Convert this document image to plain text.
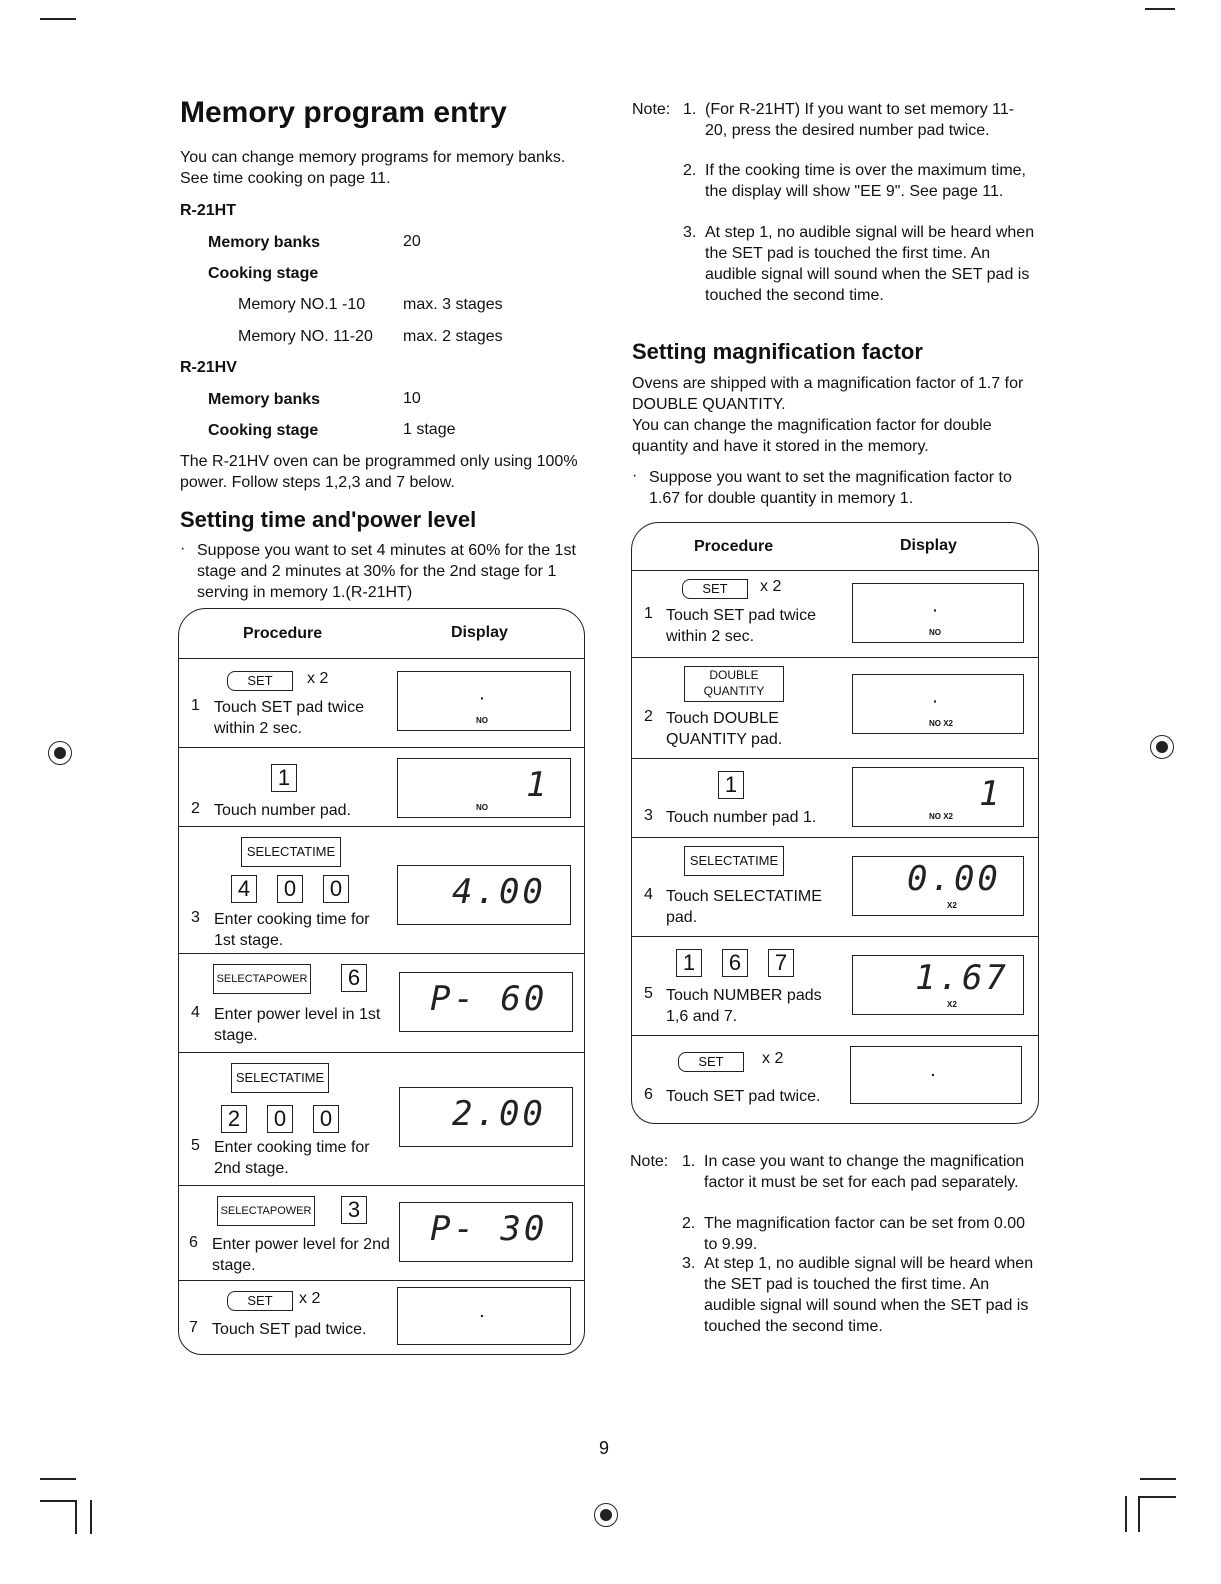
Memory program entry
You can change memory programs for memory banks. See time cooking on page 11.
R-21HT
Memory banks	20
Cooking stage
Memory NO.1 -10 max. 3 stages
Memory NO. 11-20 max. 2 stages
R-21HV
Memory banks	10
Cooking stage	1 stage
The R-21HV oven can be programmed only using 100% power. Follow steps 1,2,3 and 7 below.
Setting time and'power level
· Suppose you want to set 4 minutes at 60% for the 1st stage and 2 minutes at 30% for the 2nd stage for 1 serving in memory 1.(R-21HT)
Procedure	Display
SET	x 2
1 Touch SET pad twice within 2 sec.
·
NO
1
2 Touch number pad.
1
NO
SELECTATIME
4	0	0
3 Enter cooking time for 1st stage.
4.00
SELECTAPOWER	6
4 Enter power level in 1st stage.
P- 60
SELECTATIME
2	0	0
5 Enter cooking time for 2nd stage.
2.00
SELECTAPOWER	3
6 Enter power level for 2nd stage.
P- 30
SET	x 2
7 Touch SET pad twice.
.
Note: 1. (For R-21HT) If you want to set memory 11-20, press the desired number pad twice.
2. If the cooking time is over the maximum time, the display will show "EE 9". See page 11.
3. At step 1, no audible signal will be heard when the SET pad is touched the first time. An audible signal will sound when the SET pad is touched the second time.
Setting magnification factor
Ovens are shipped with a magnification factor of 1.7 for DOUBLE QUANTITY.
You can change the magnification factor for double quantity and have it stored in the memory.
· Suppose you want to set the magnification factor to 1.67 for double quantity in memory 1.
Procedure	Display
SET	x 2
1 Touch SET pad twice within 2 sec.
·
NO
DOUBLE QUANTITY
2 Touch DOUBLE QUANTITY pad.
·
NO X2
1
3 Touch number pad 1.
1
NO X2
SELECTATIME
4 Touch SELECTATIME pad.
0.00
X2
1	6	7
5 Touch NUMBER pads 1,6 and 7.
1.67
X2
SET	x 2
6 Touch SET pad twice.
.
Note: 1. In case you want to change the magnification factor it must be set for each pad separately.
2. The magnification factor can be set from 0.00 to 9.99.
3. At step 1, no audible signal will be heard when the SET pad is touched the first time. An audible signal will sound when the SET pad is touched the second time.
9
